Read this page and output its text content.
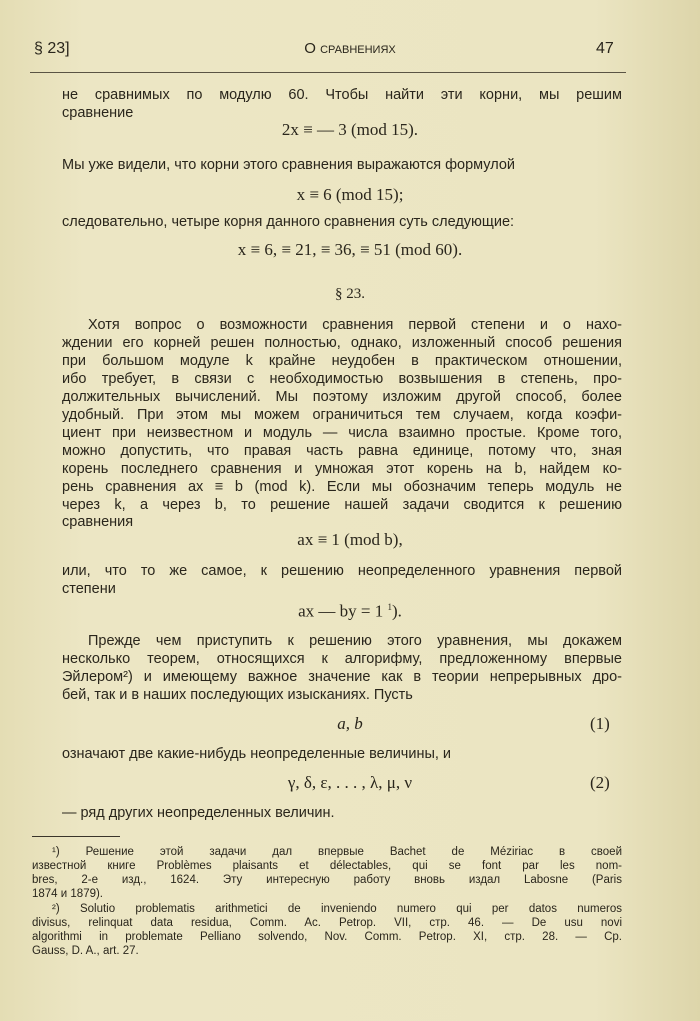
§ 23]	О сравнениях	47
не сравнимых по модулю 60. Чтобы найти эти корни, мы решим
сравнение
2x ≡ — 3 (mod 15).
Мы уже видели, что корни этого сравнения выражаются формулой
x ≡ 6 (mod 15);
следовательно, четыре корня данного сравнения суть следующие:
x ≡ 6, ≡ 21, ≡ 36, ≡ 51 (mod 60).
§ 23.
Хотя вопрос о возможности сравнения первой степени и о нахо-
ждении его корней решен полностью, однако, изложенный способ решения
при большом модуле k крайне неудобен в практическом отношении,
ибо требует, в связи с необходимостью возвышения в степень, про-
должительных вычислений. Мы поэтому изложим другой способ, более
удобный. При этом мы можем ограничиться тем случаем, когда коэфи-
циент при неизвестном и модуль — числа взаимно простые. Кроме того,
можно допустить, что правая часть равна единице, потому что, зная
корень последнего сравнения и умножая этот корень на b, найдем ко-
рень сравнения ax ≡ b (mod k). Если мы обозначим теперь модуль не
через k, а через b, то решение нашей задачи сводится к решению
сравнения
ax ≡ 1 (mod b),
или, что то же самое, к решению неопределенного уравнения первой
степени
ax — by = 1 $^1$).
Прежде чем приступить к решению этого уравнения, мы докажем
несколько теорем, относящихся к алгорифму, предложенному впервые
Эйлером²) и имеющему важное значение как в теории непрерывных дро-
бей, так и в наших последующих изысканиях. Пусть
a, b	(1)
означают две какие-нибудь неопределенные величины, и
γ, δ, ε, . . . , λ, μ, ν	(2)
— ряд других неопределенных величин.
¹) Решение этой задачи дал впервые Bachet de Méziriac в своей
известной книге Problèmes plaisants et délectables, qui se font par les nom-
bres, 2-е изд., 1624. Эту интересную работу вновь издал Labosne (Paris
1874 и 1879).
²) Solutio problematis arithmetici de inveniendo numero qui per datos numeros
divisus, relinquat data residua, Comm. Ac. Petrop. VII, стр. 46. — De usu novi
algorithmi in problemate Pelliano solvendo, Nov. Comm. Petrop. XI, стр. 28. — Ср.
Gauss, D. A., art. 27.
